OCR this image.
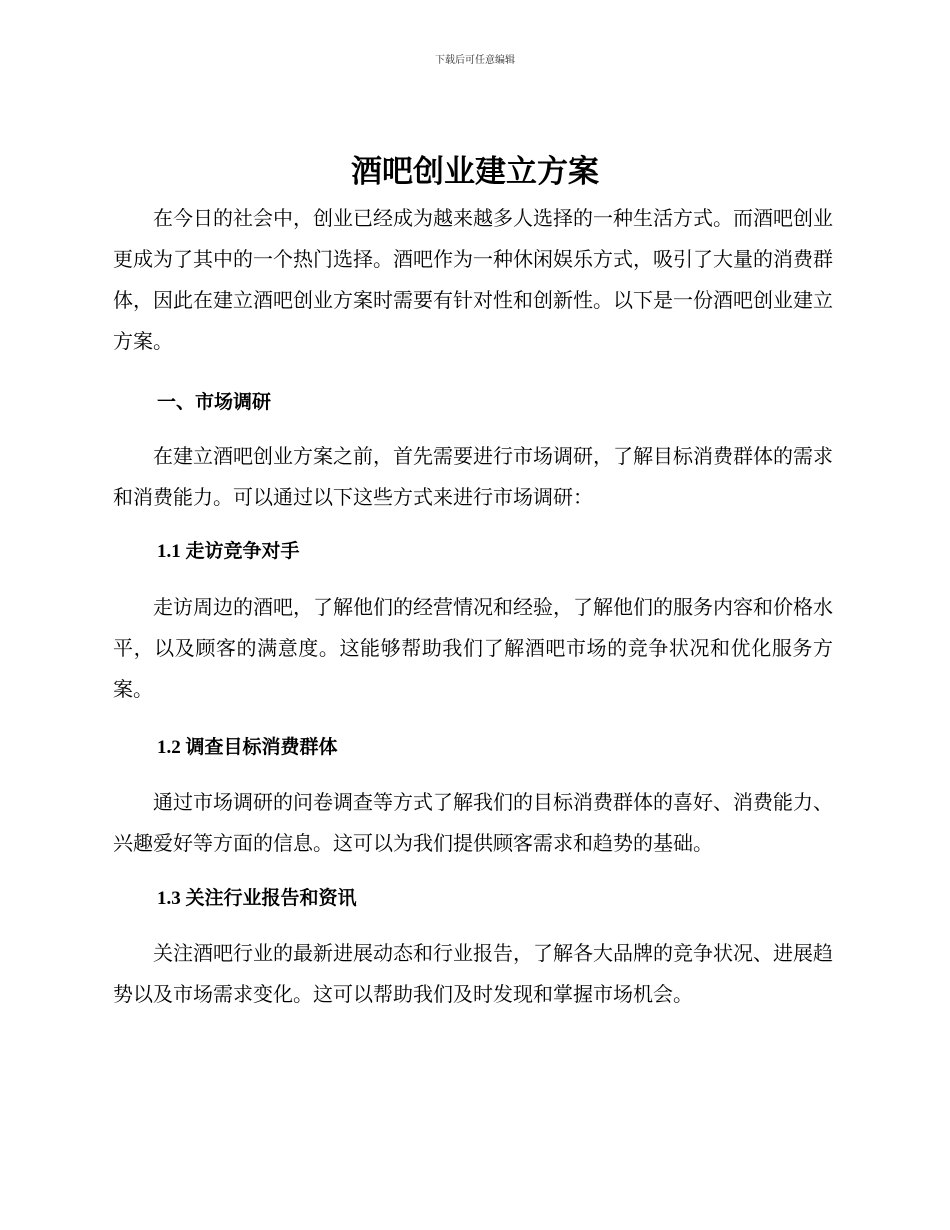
下载后可任意编辑
酒吧创业建立方案

在今日的社会中，创业已经成为越来越多人选择的一种生活方式。而酒吧创业更成为了其中的一个热门选择。酒吧作为一种休闲娱乐方式，吸引了大量的消费群体，因此在建立酒吧创业方案时需要有针对性和创新性。以下是一份酒吧创业建立方案。

一、市场调研

在建立酒吧创业方案之前，首先需要进行市场调研，了解目标消费群体的需求和消费能力。可以通过以下这些方式来进行市场调研：

1.1 走访竞争对手

走访周边的酒吧，了解他们的经营情况和经验，了解他们的服务内容和价格水平，以及顾客的满意度。这能够帮助我们了解酒吧市场的竞争状况和优化服务方案。

1.2 调查目标消费群体

通过市场调研的问卷调查等方式了解我们的目标消费群体的喜好、消费能力、兴趣爱好等方面的信息。这可以为我们提供顾客需求和趋势的基础。

1.3 关注行业报告和资讯

关注酒吧行业的最新进展动态和行业报告，了解各大品牌的竞争状况、进展趋势以及市场需求变化。这可以帮助我们及时发现和掌握市场机会。
